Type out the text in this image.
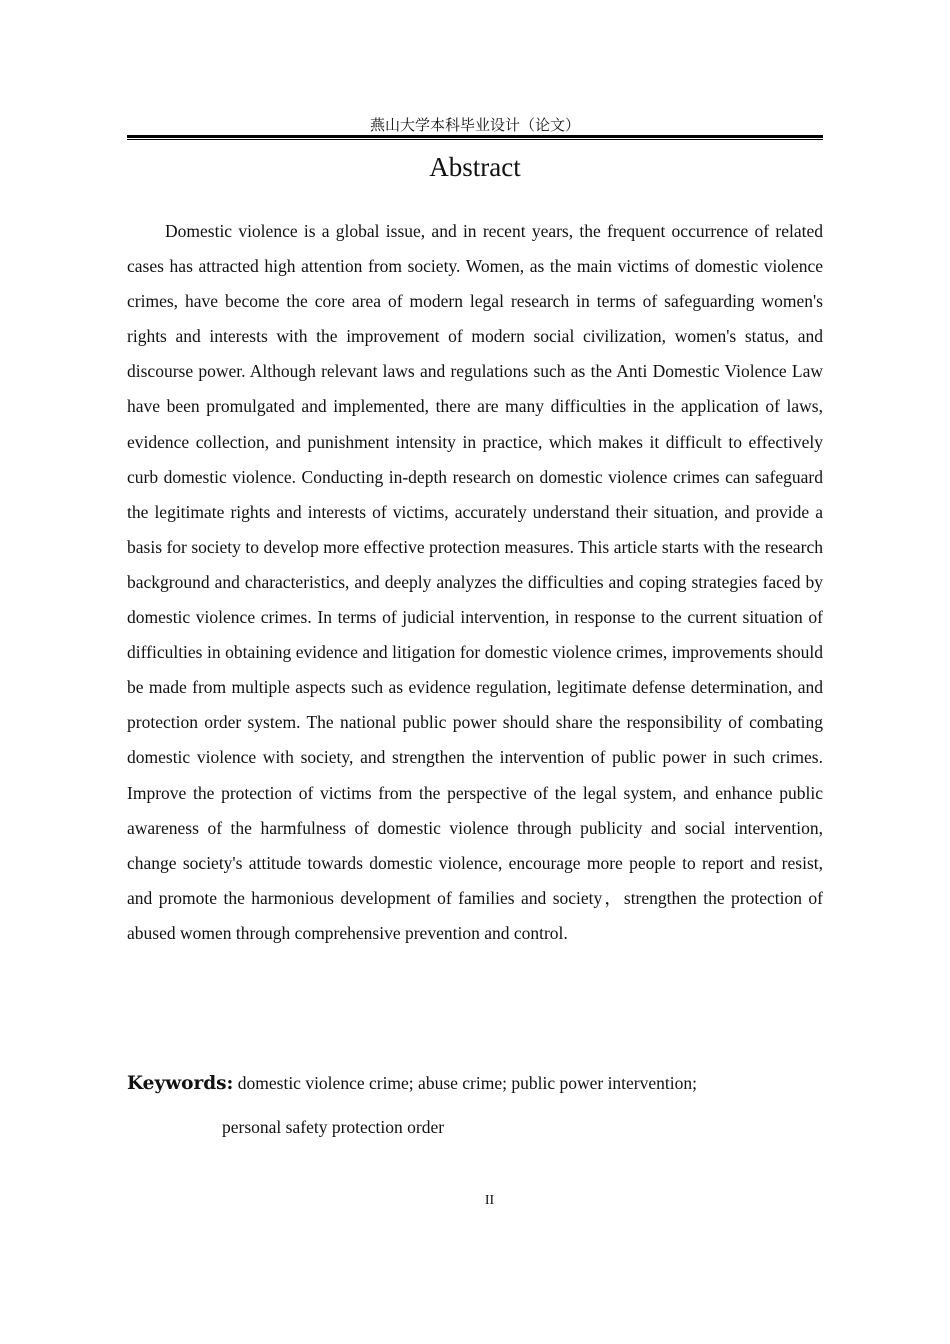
燕山大学本科毕业设计（论文）
Abstract

Domestic violence is a global issue, and in recent years, the frequent occurrence of related cases has attracted high attention from society. Women, as the main victims of domestic violence crimes, have become the core area of modern legal research in terms of safeguarding women's rights and interests with the improvement of modern social civilization, women's status, and discourse power. Although relevant laws and regulations such as the Anti Domestic Violence Law have been promulgated and implemented, there are many difficulties in the application of laws, evidence collection, and punishment intensity in practice, which makes it difficult to effectively curb domestic violence. Conducting in-depth research on domestic violence crimes can safeguard the legitimate rights and interests of victims, accurately understand their situation, and provide a basis for society to develop more effective protection measures. This article starts with the research background and characteristics, and deeply analyzes the difficulties and coping strategies faced by domestic violence crimes. In terms of judicial intervention, in response to the current situation of difficulties in obtaining evidence and litigation for domestic violence crimes, improvements should be made from multiple aspects such as evidence regulation, legitimate defense determination, and protection order system. The national public power should share the responsibility of combating domestic violence with society, and strengthen the intervention of public power in such crimes. Improve the protection of victims from the perspective of the legal system, and enhance public awareness of the harmfulness of domestic violence through publicity and social intervention, change society's attitude towards domestic violence, encourage more people to report and resist, and promote the harmonious development of families and society，strengthen the protection of abused women through comprehensive prevention and control.

Keywords: domestic violence crime; abuse crime; public power intervention;
personal safety protection order
II
